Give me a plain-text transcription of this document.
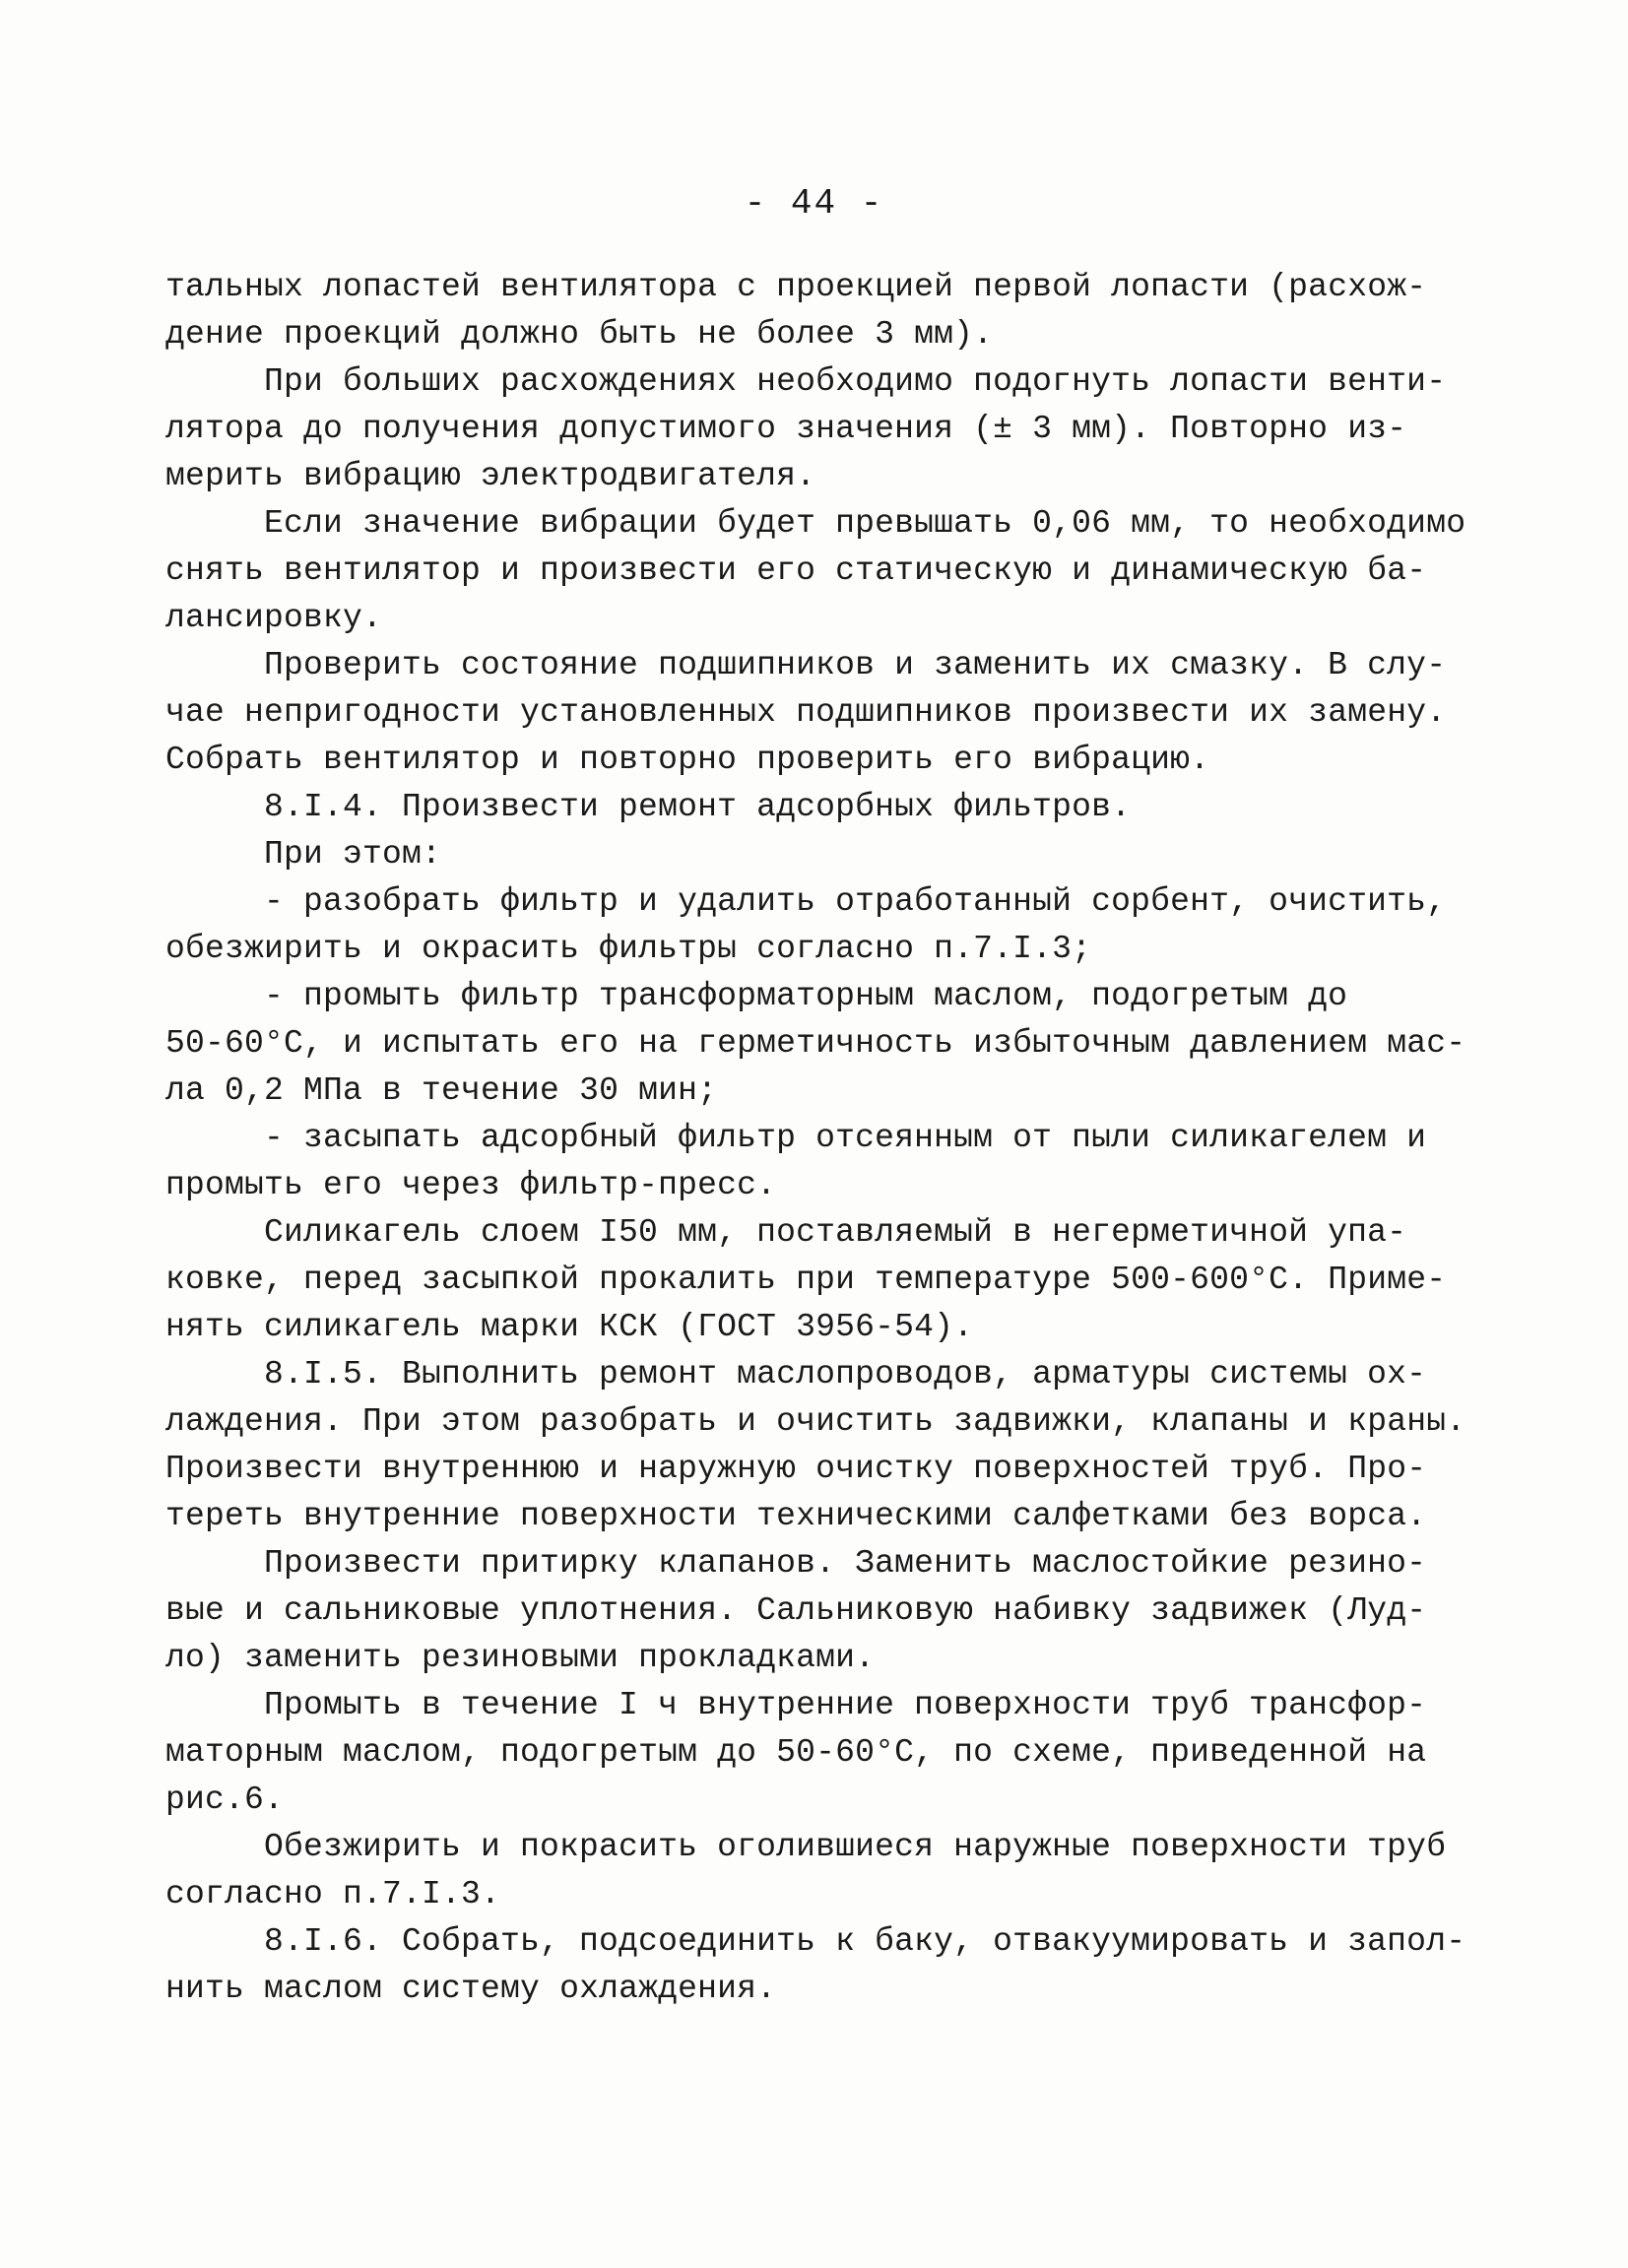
- 44 -
тальных лопастей вентилятора с проекцией первой лопасти (расхож-
дение проекций должно быть не более 3 мм).
При больших расхождениях необходимо подогнуть лопасти венти-
лятора до получения допустимого значения (± 3 мм). Повторно из-
мерить вибрацию электродвигателя.
Если значение вибрации будет превышать 0,06 мм, то необходимо
снять вентилятор и произвести его статическую и динамическую ба-
лансировку.
Проверить состояние подшипников и заменить их смазку. В слу-
чае непригодности установленных подшипников произвести их замену.
Собрать вентилятор и повторно проверить его вибрацию.
8.I.4. Произвести ремонт адсорбных фильтров.
При этом:
- разобрать фильтр и удалить отработанный сорбент, очистить,
обезжирить и окрасить фильтры согласно п.7.I.3;
- промыть фильтр трансформаторным маслом, подогретым до
50-60°С, и испытать его на герметичность избыточным давлением мас-
ла 0,2 МПа в течение 30 мин;
- засыпать адсорбный фильтр отсеянным от пыли силикагелем и
промыть его через фильтр-пресс.
Силикагель слоем I50 мм, поставляемый в негерметичной упа-
ковке, перед засыпкой прокалить при температуре 500-600°С. Приме-
нять силикагель марки КСК (ГОСТ 3956-54).
8.I.5. Выполнить ремонт маслопроводов, арматуры системы ох-
лаждения. При этом разобрать и очистить задвижки, клапаны и краны.
Произвести внутреннюю и наружную очистку поверхностей труб. Про-
тереть внутренние поверхности техническими салфетками без ворса.
Произвести притирку клапанов. Заменить маслостойкие резино-
вые и сальниковые уплотнения. Сальниковую набивку задвижек (Луд-
ло) заменить резиновыми прокладками.
Промыть в течение I ч внутренние поверхности труб трансфор-
маторным маслом, подогретым до 50-60°С, по схеме, приведенной на
рис.6.
Обезжирить и покрасить оголившиеся наружные поверхности труб
согласно п.7.I.3.
8.I.6. Собрать, подсоединить к баку, отвакуумировать и запол-
нить маслом систему охлаждения.
